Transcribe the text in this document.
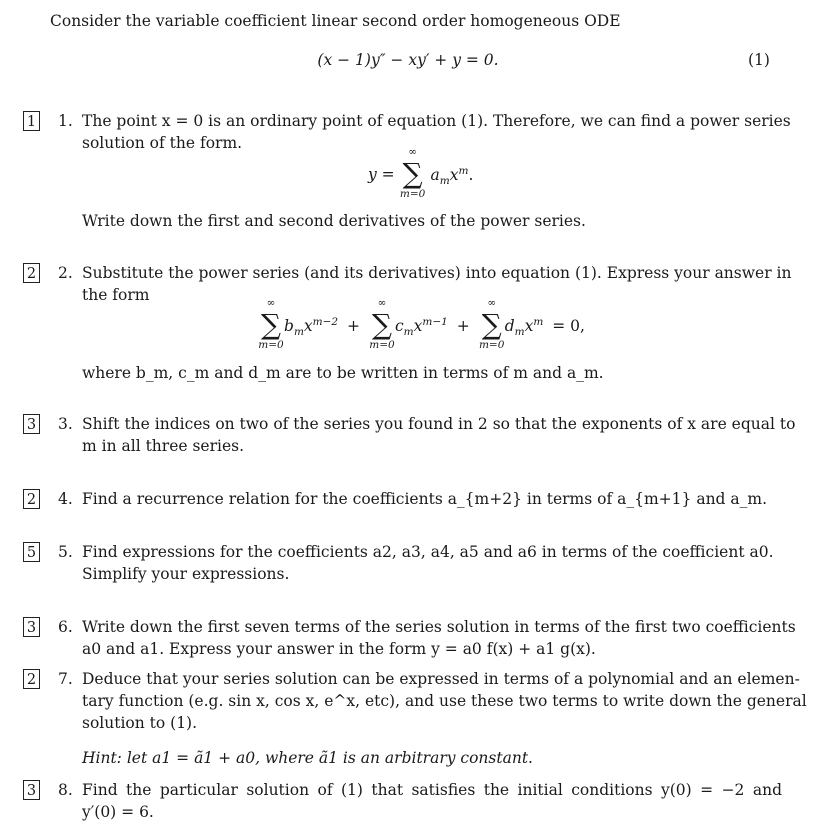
Consider the variable coefficient linear second order homogeneous ODE
(x − 1)y″ − xy′ + y = 0.	(1)
1 1. The point x = 0 is an ordinary point of equation (1). Therefore, we can find a power series
solution of the form.
y =
∞
∑
m=0
$a_mx^m$.
Write down the first and second derivatives of the power series.
2 2. Substitute the power series (and its derivatives) into equation (1). Express your answer in
the form	∞
∑
m=0
$b_mx^{m-2}$ +
∞
∑
m=0
$c_mx^{m-1}$ +
∞
∑
m=0
$d_mx^m = 0$,
where b_m, c_m and d_m are to be written in terms of m and a_m.
3 3. Shift the indices on two of the series you found in 2 so that the exponents of x are equal to
m in all three series.
2 4. Find a recurrence relation for the coefficients a_{m+2} in terms of a_{m+1} and a_m.
5 5. Find expressions for the coefficients a2, a3, a4, a5 and a6 in terms of the coefficient a0.
Simplify your expressions.
3 6. Write down the first seven terms of the series solution in terms of the first two coefficients
a0 and a1. Express your answer in the form y = a0 f(x) + a1 g(x).
2 7. Deduce that your series solution can be expressed in terms of a polynomial and an elemen-
tary function (e.g. sin x, cos x, e^x, etc), and use these two terms to write down the general
solution to (1).
Hint: let a1 = ã1 + a0, where ã1 is an arbitrary constant.
3 8. Find the particular solution of (1) that satisfies the initial conditions y(0) = −2 and
y′(0) = 6.
